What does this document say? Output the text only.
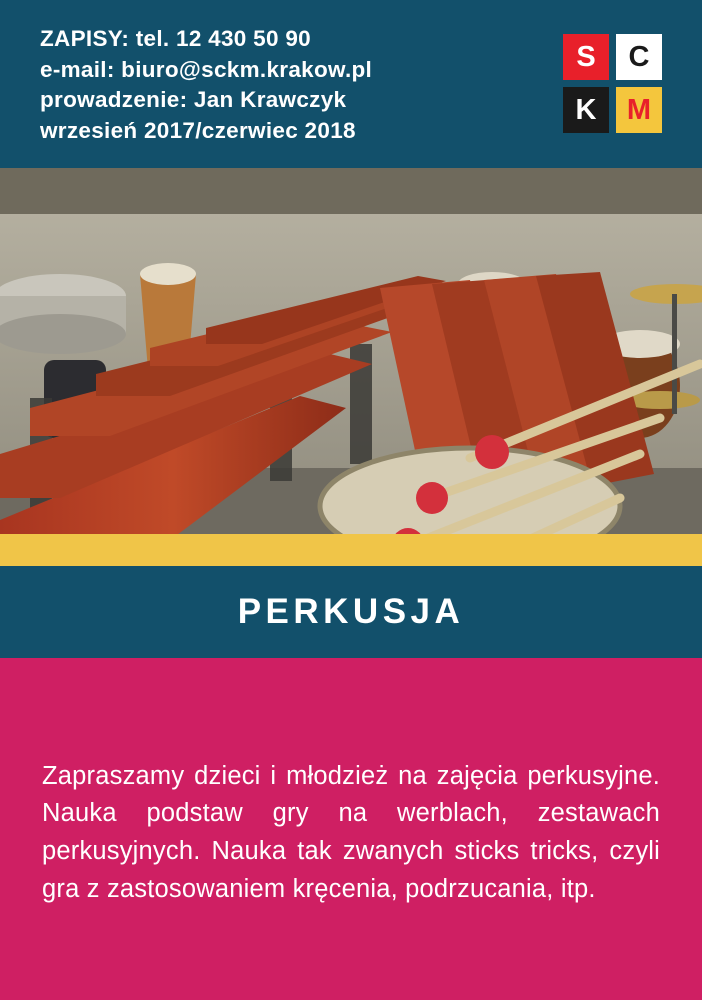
ZAPISY: tel. 12 430 50 90
e-mail: biuro@sckm.krakow.pl
prowadzenie: Jan Krawczyk
wrzesień 2017/czerwiec 2018
S	C
K	M
PERKUSJA

Zapraszamy dzieci i młodzież na zajęcia perkusyjne. Nauka podstaw gry na werblach, zestawach perkusyjnych. Nauka tak zwanych sticks tricks, czyli gra z zastosowaniem kręcenia, podrzucania, itp.
